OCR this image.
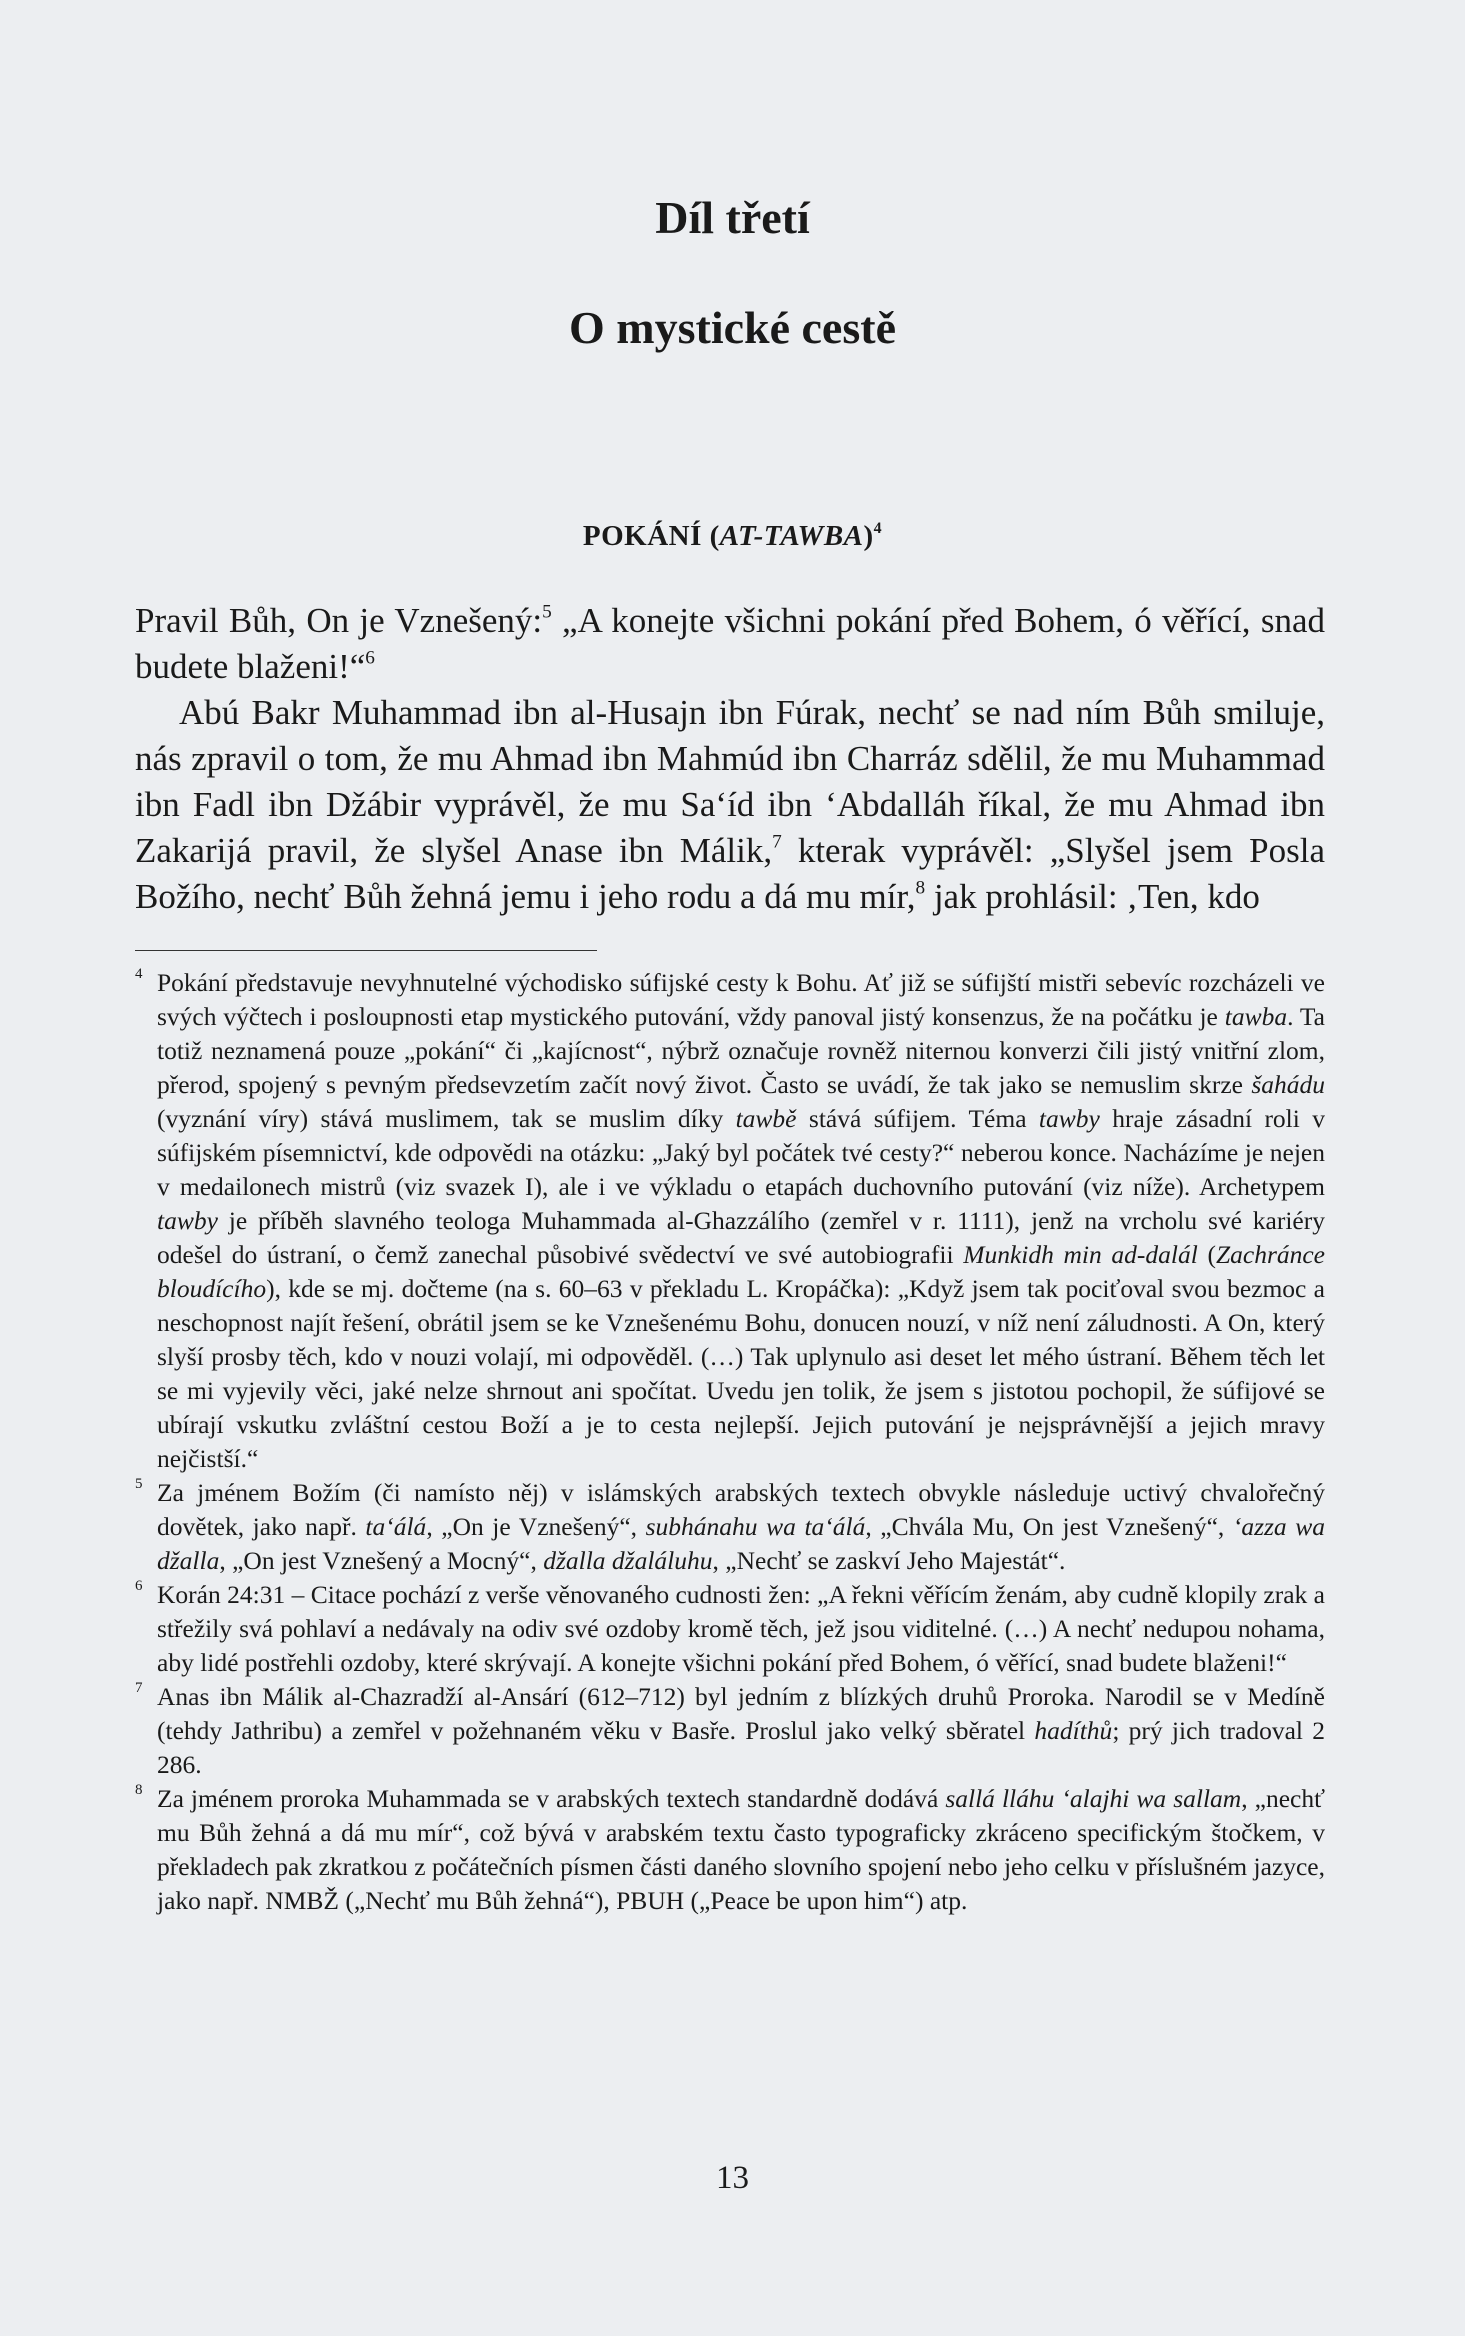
Díl třetí
O mystické cestě
POKÁNÍ (AT-TAWBA)$^4$

Pravil Bůh, On je Vznešený:$^5$ „A konejte všichni pokání před Bohem, ó věřící, snad budete blaženi!“$^6$

Abú Bakr Muhammad ibn al-Husajn ibn Fúrak, nechť se nad ním Bůh smiluje, nás zpravil o tom, že mu Ahmad ibn Mahmúd ibn Charráz sdělil, že mu Muhammad ibn Fadl ibn Džábir vyprávěl, že mu Sa‘íd ibn ‘Abdalláh říkal, že mu Ahmad ibn Zakarijá pravil, že slyšel Anase ibn Málik,$^7$ kterak vyprávěl: „Slyšel jsem Posla Božího, nechť Bůh žehná jemu i jeho rodu a dá mu mír,$^8$ jak prohlásil: ‚Ten, kdo

4 Pokání představuje nevyhnutelné východisko súfijské cesty k Bohu. Ať již se súfijští mistři sebevíc rozcházeli ve svých výčtech i posloupnosti etap mystického putování, vždy panoval jistý konsenzus, že na počátku je tawba. Ta totiž neznamená pouze „pokání“ či „kajícnost“, nýbrž označuje rovněž niternou konverzi čili jistý vnitřní zlom, přerod, spojený s pevným předsevzetím začít nový život. Často se uvádí, že tak jako se nemuslim skrze šahádu (vyznání víry) stává muslimem, tak se muslim díky tawbě stává súfijem. Téma tawby hraje zásadní roli v súfijském písemnictví, kde odpovědi na otázku: „Jaký byl počátek tvé cesty?“ neberou konce. Nacházíme je nejen v medailonech mistrů (viz svazek I), ale i ve výkladu o etapách duchovního putování (viz níže). Archetypem tawby je příběh slavného teologa Muhammada al-Ghazzálího (zemřel v r. 1111), jenž na vrcholu své kariéry odešel do ústraní, o čemž zanechal působivé svědectví ve své autobiografii Munkidh min ad-dalál (Zachránce bloudícího), kde se mj. dočteme (na s. 60–63 v překladu L. Kropáčka): „Když jsem tak pociťoval svou bezmoc a neschopnost najít řešení, obrátil jsem se ke Vznešenému Bohu, donucen nouzí, v níž není záludnosti. A On, který slyší prosby těch, kdo v nouzi volají, mi odpověděl. (…) Tak uplynulo asi deset let mého ústraní. Během těch let se mi vyjevily věci, jaké nelze shrnout ani spočítat. Uvedu jen tolik, že jsem s jistotou pochopil, že súfijové se ubírají vskutku zvláštní cestou Boží a je to cesta nejlepší. Jejich putování je nejsprávnější a jejich mravy nejčistší.“

5 Za jménem Božím (či namísto něj) v islámských arabských textech obvykle následuje uctivý chvalořečný dovětek, jako např. ta‘álá, „On je Vznešený“, subhánahu wa ta‘álá, „Chvála Mu, On jest Vznešený“, ‘azza wa džalla, „On jest Vznešený a Mocný“, džalla džaláluhu, „Nechť se zaskví Jeho Majestát“.

6 Korán 24:31 – Citace pochází z verše věnovaného cudnosti žen: „A řekni věřícím ženám, aby cudně klopily zrak a střežily svá pohlaví a nedávaly na odiv své ozdoby kromě těch, jež jsou viditelné. (…) A nechť nedupou nohama, aby lidé postřehli ozdoby, které skrývají. A konejte všichni pokání před Bohem, ó věřící, snad budete blaženi!“

7 Anas ibn Málik al-Chazradží al-Ansárí (612–712) byl jedním z blízkých druhů Proroka. Narodil se v Medíně (tehdy Jathribu) a zemřel v požehnaném věku v Basře. Proslul jako velký sběratel hadíthů; prý jich tradoval 2 286.

8 Za jménem proroka Muhammada se v arabských textech standardně dodává sallá lláhu ‘alajhi wa sallam, „nechť mu Bůh žehná a dá mu mír“, což bývá v arabském textu často typograficky zkráceno specifickým štočkem, v překladech pak zkratkou z počátečních písmen části daného slovního spojení nebo jeho celku v příslušném jazyce, jako např. NMBŽ („Nechť mu Bůh žehná“), PBUH („Peace be upon him“) atp.

13
